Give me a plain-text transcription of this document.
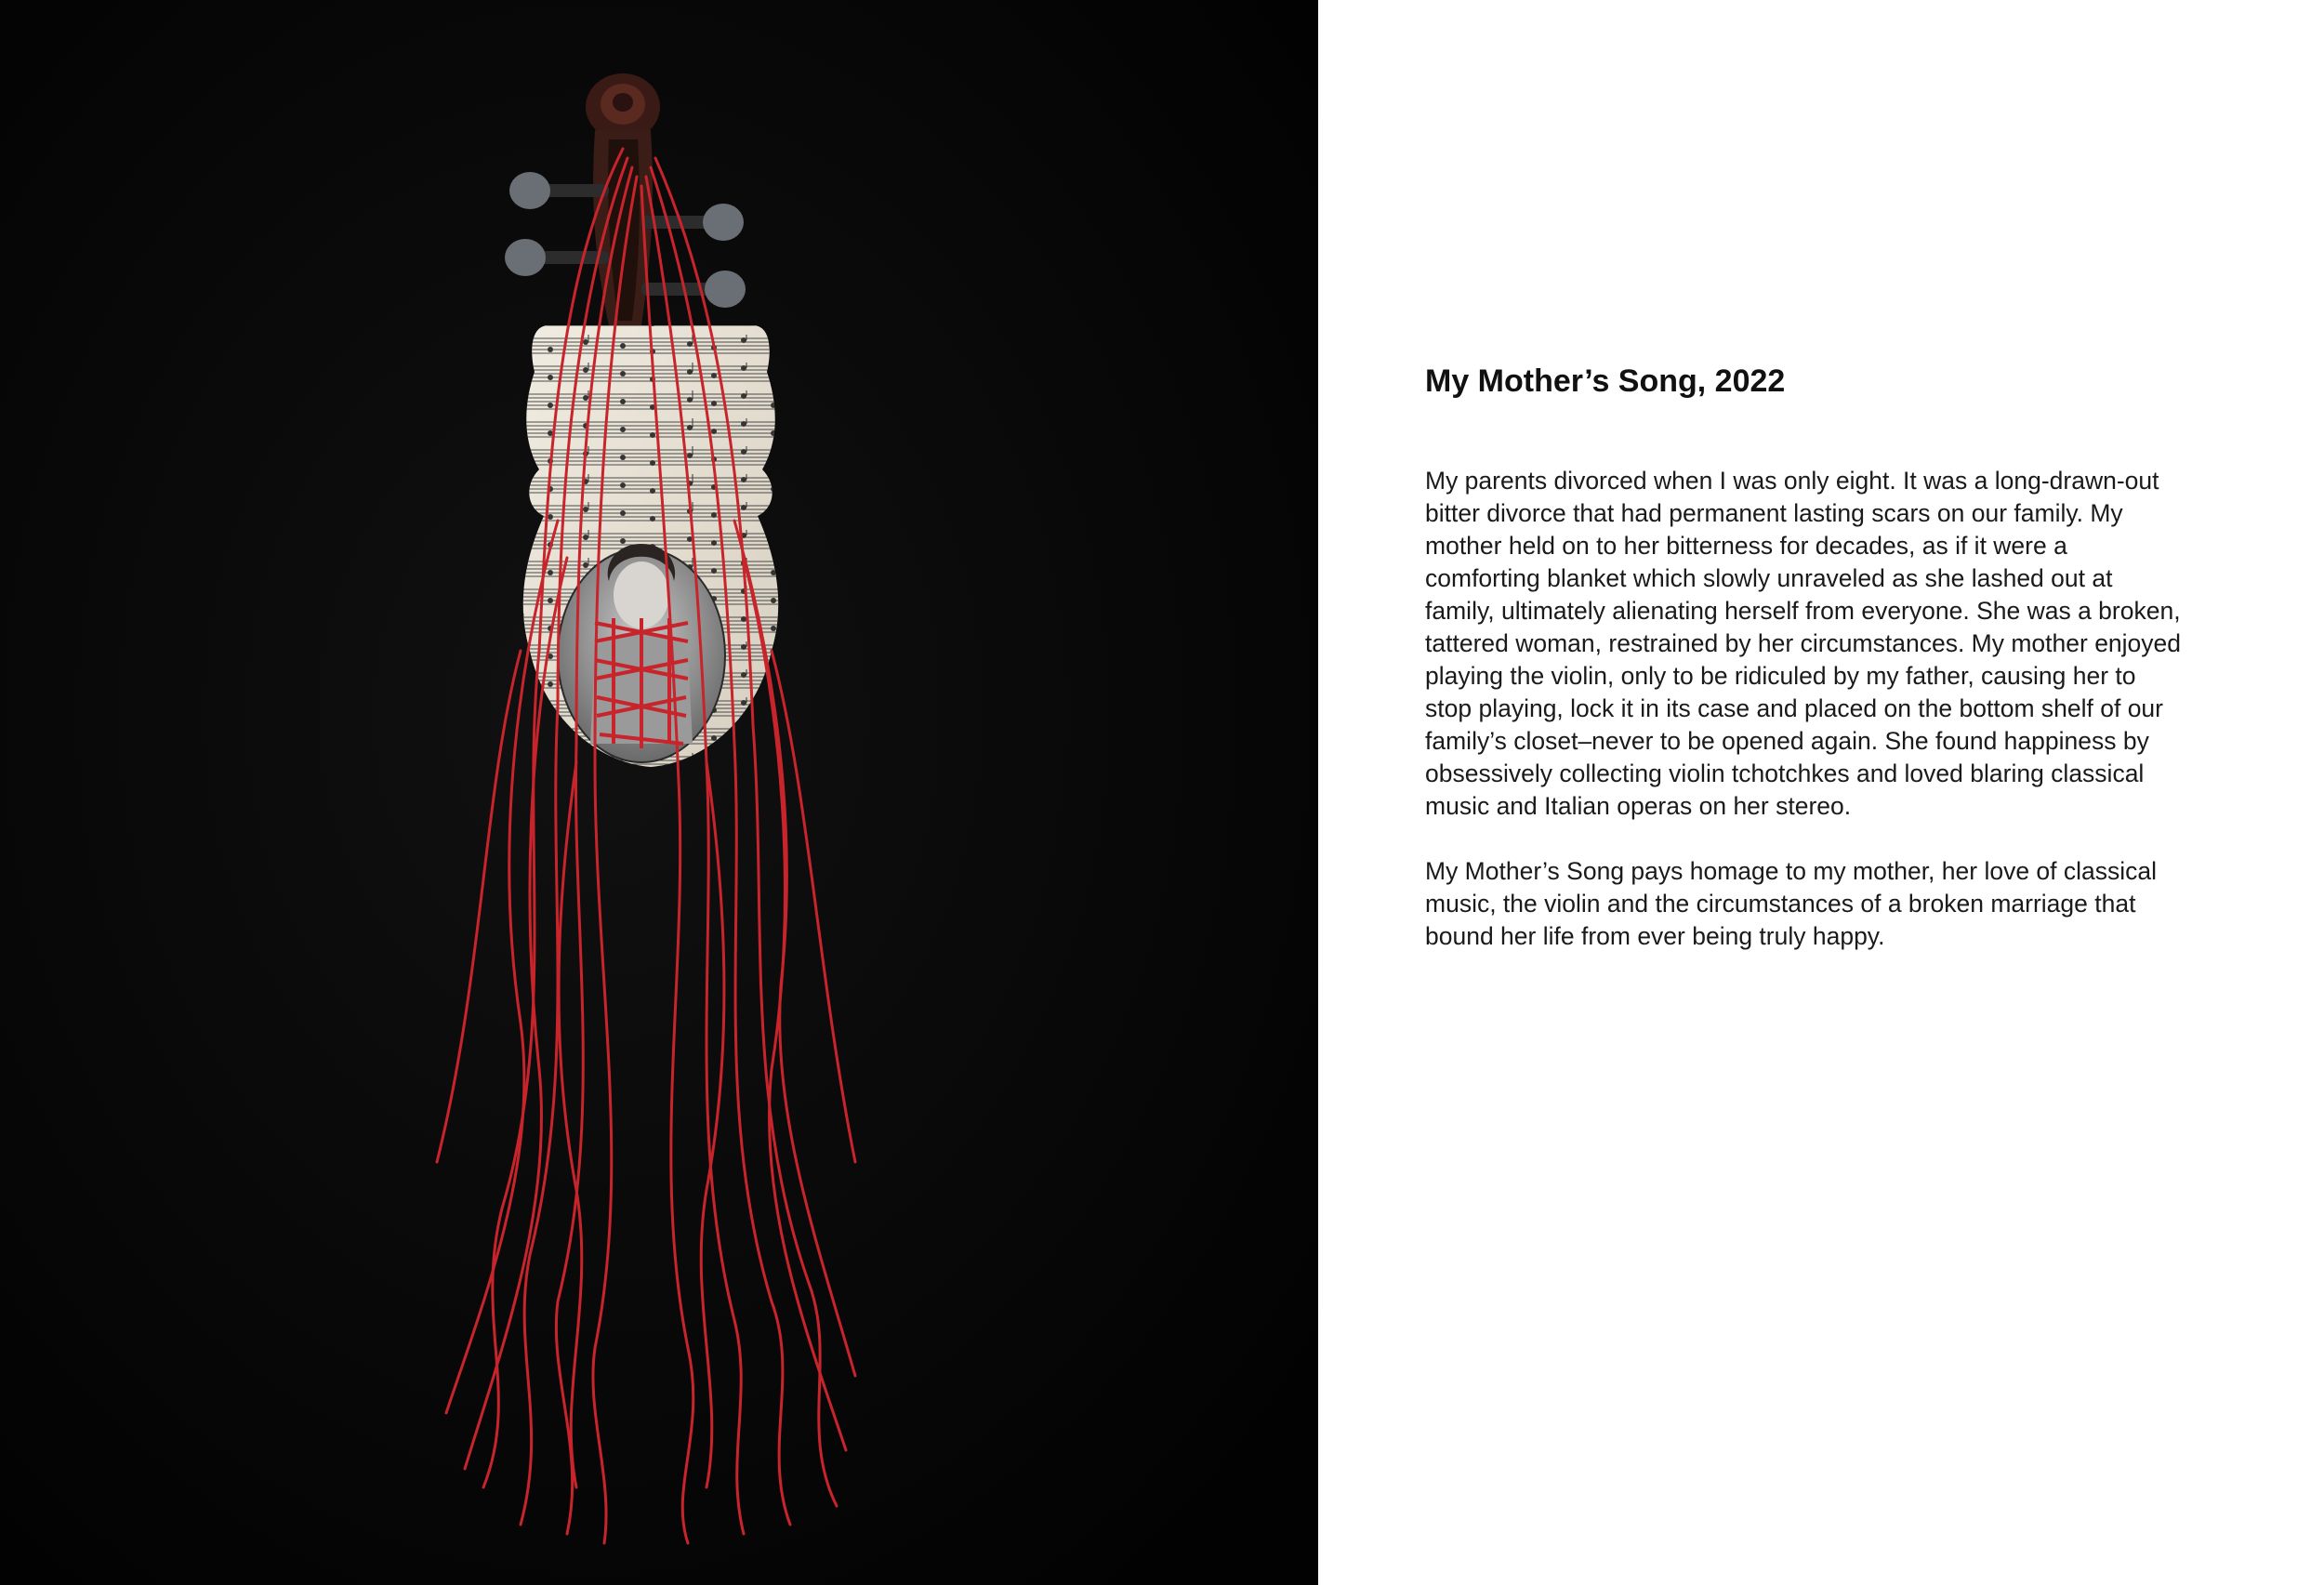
My Mother’s Song, 2022

My parents divorced when I was only eight. It was a long-drawn-out
bitter divorce that had permanent lasting scars on our family. My
mother held on to her bitterness for decades, as if it were a
comforting blanket which slowly unraveled as she lashed out at
family, ultimately alienating herself from everyone. She was a broken,
tattered woman, restrained by her circumstances. My mother enjoyed
playing the violin, only to be ridiculed by my father, causing her to
stop playing, lock it in its case and placed on the bottom shelf of our
family’s closet–never to be opened again. She found happiness by
obsessively collecting violin tchotchkes and loved blaring classical
music and Italian operas on her stereo.

My Mother’s Song pays homage to my mother, her love of classical
music, the violin and the circumstances of a broken marriage that
bound her life from ever being truly happy.
